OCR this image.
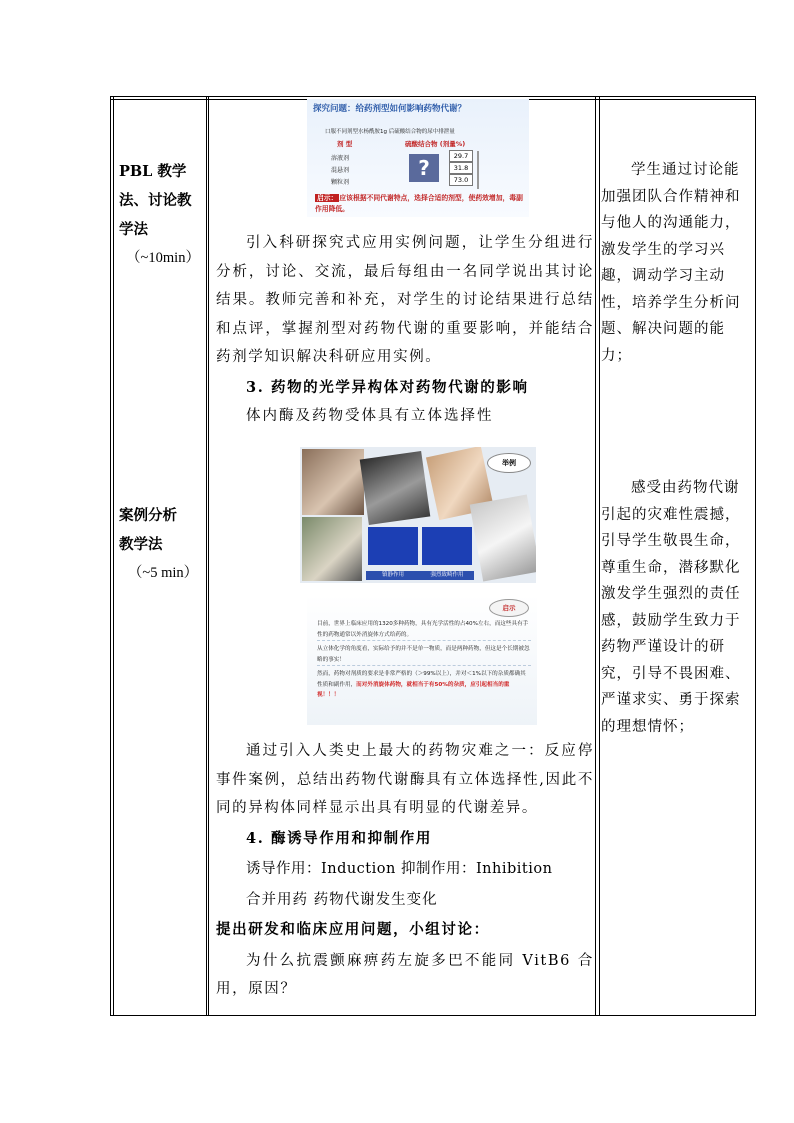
PBL 教学
法、讨论教
学法
（~10min）
案例分析
教学法
（~5 min）
学生通过讨论能加强团队合作精神和与他人的沟通能力，激发学生的学习兴趣，调动学习主动性，培养学生分析问题、解决问题的能力；
感受由药物代谢引起的灾难性震撼，引导学生敬畏生命，尊重生命，潜移默化激发学生强烈的责任感，鼓励学生致力于药物严谨设计的研究，引导不畏困难、严谨求实、勇于探索的理想情怀；
探究问题：给药剂型如何影响药物代谢？
口服不同剂型水杨酰胺1g 后硫酸结合物的尿中排泄量
剂 型	硫酸结合物 (剂量%)
溶液剂
混悬剂
颗粒剂
29.7
31.8
73.0
?
启示： 应该根据不同代谢特点，选择合适的剂型，使药效增加，毒副作用降低。
引入科研探究式应用实例问题，让学生分组进行分析，讨论、交流，最后每组由一名同学说出其讨论结果。教师完善和补充，对学生的讨论结果进行总结和点评，掌握剂型对药物代谢的重要影响，并能结合药剂学知识解决科研应用实例。
3. 药物的光学异构体对药物代谢的影响
体内酶及药物受体具有立体选择性
举例
镇静作用	强烈致畸作用
启示
目前，世界上临床应用的1320多种药物，具有光学活性的占40%左右，而这些具有手性的药物通常以外消旋体方式给药的。
从立体化学的角度看，实际给予的并不是单一物质，而是两种药物，但这是个长期被忽略的事实！
然而，药物对剂质的要求是非常严格的（＞99%以上），并对＜1%以下的杂质都确其性质和副作用，而对外消旋体药物，就相当于有50%的杂质，应引起相当的重视！！！
通过引入人类史上最大的药物灾难之一：反应停事件案例，总结出药物代谢酶具有立体选择性,因此不同的异构体同样显示出具有明显的代谢差异。
4. 酶诱导作用和抑制作用
诱导作用：Induction 抑制作用：Inhibition
合并用药 药物代谢发生变化
提出研发和临床应用问题，小组讨论：
为什么抗震颤麻痹药左旋多巴不能同 VitB6 合用，原因？
